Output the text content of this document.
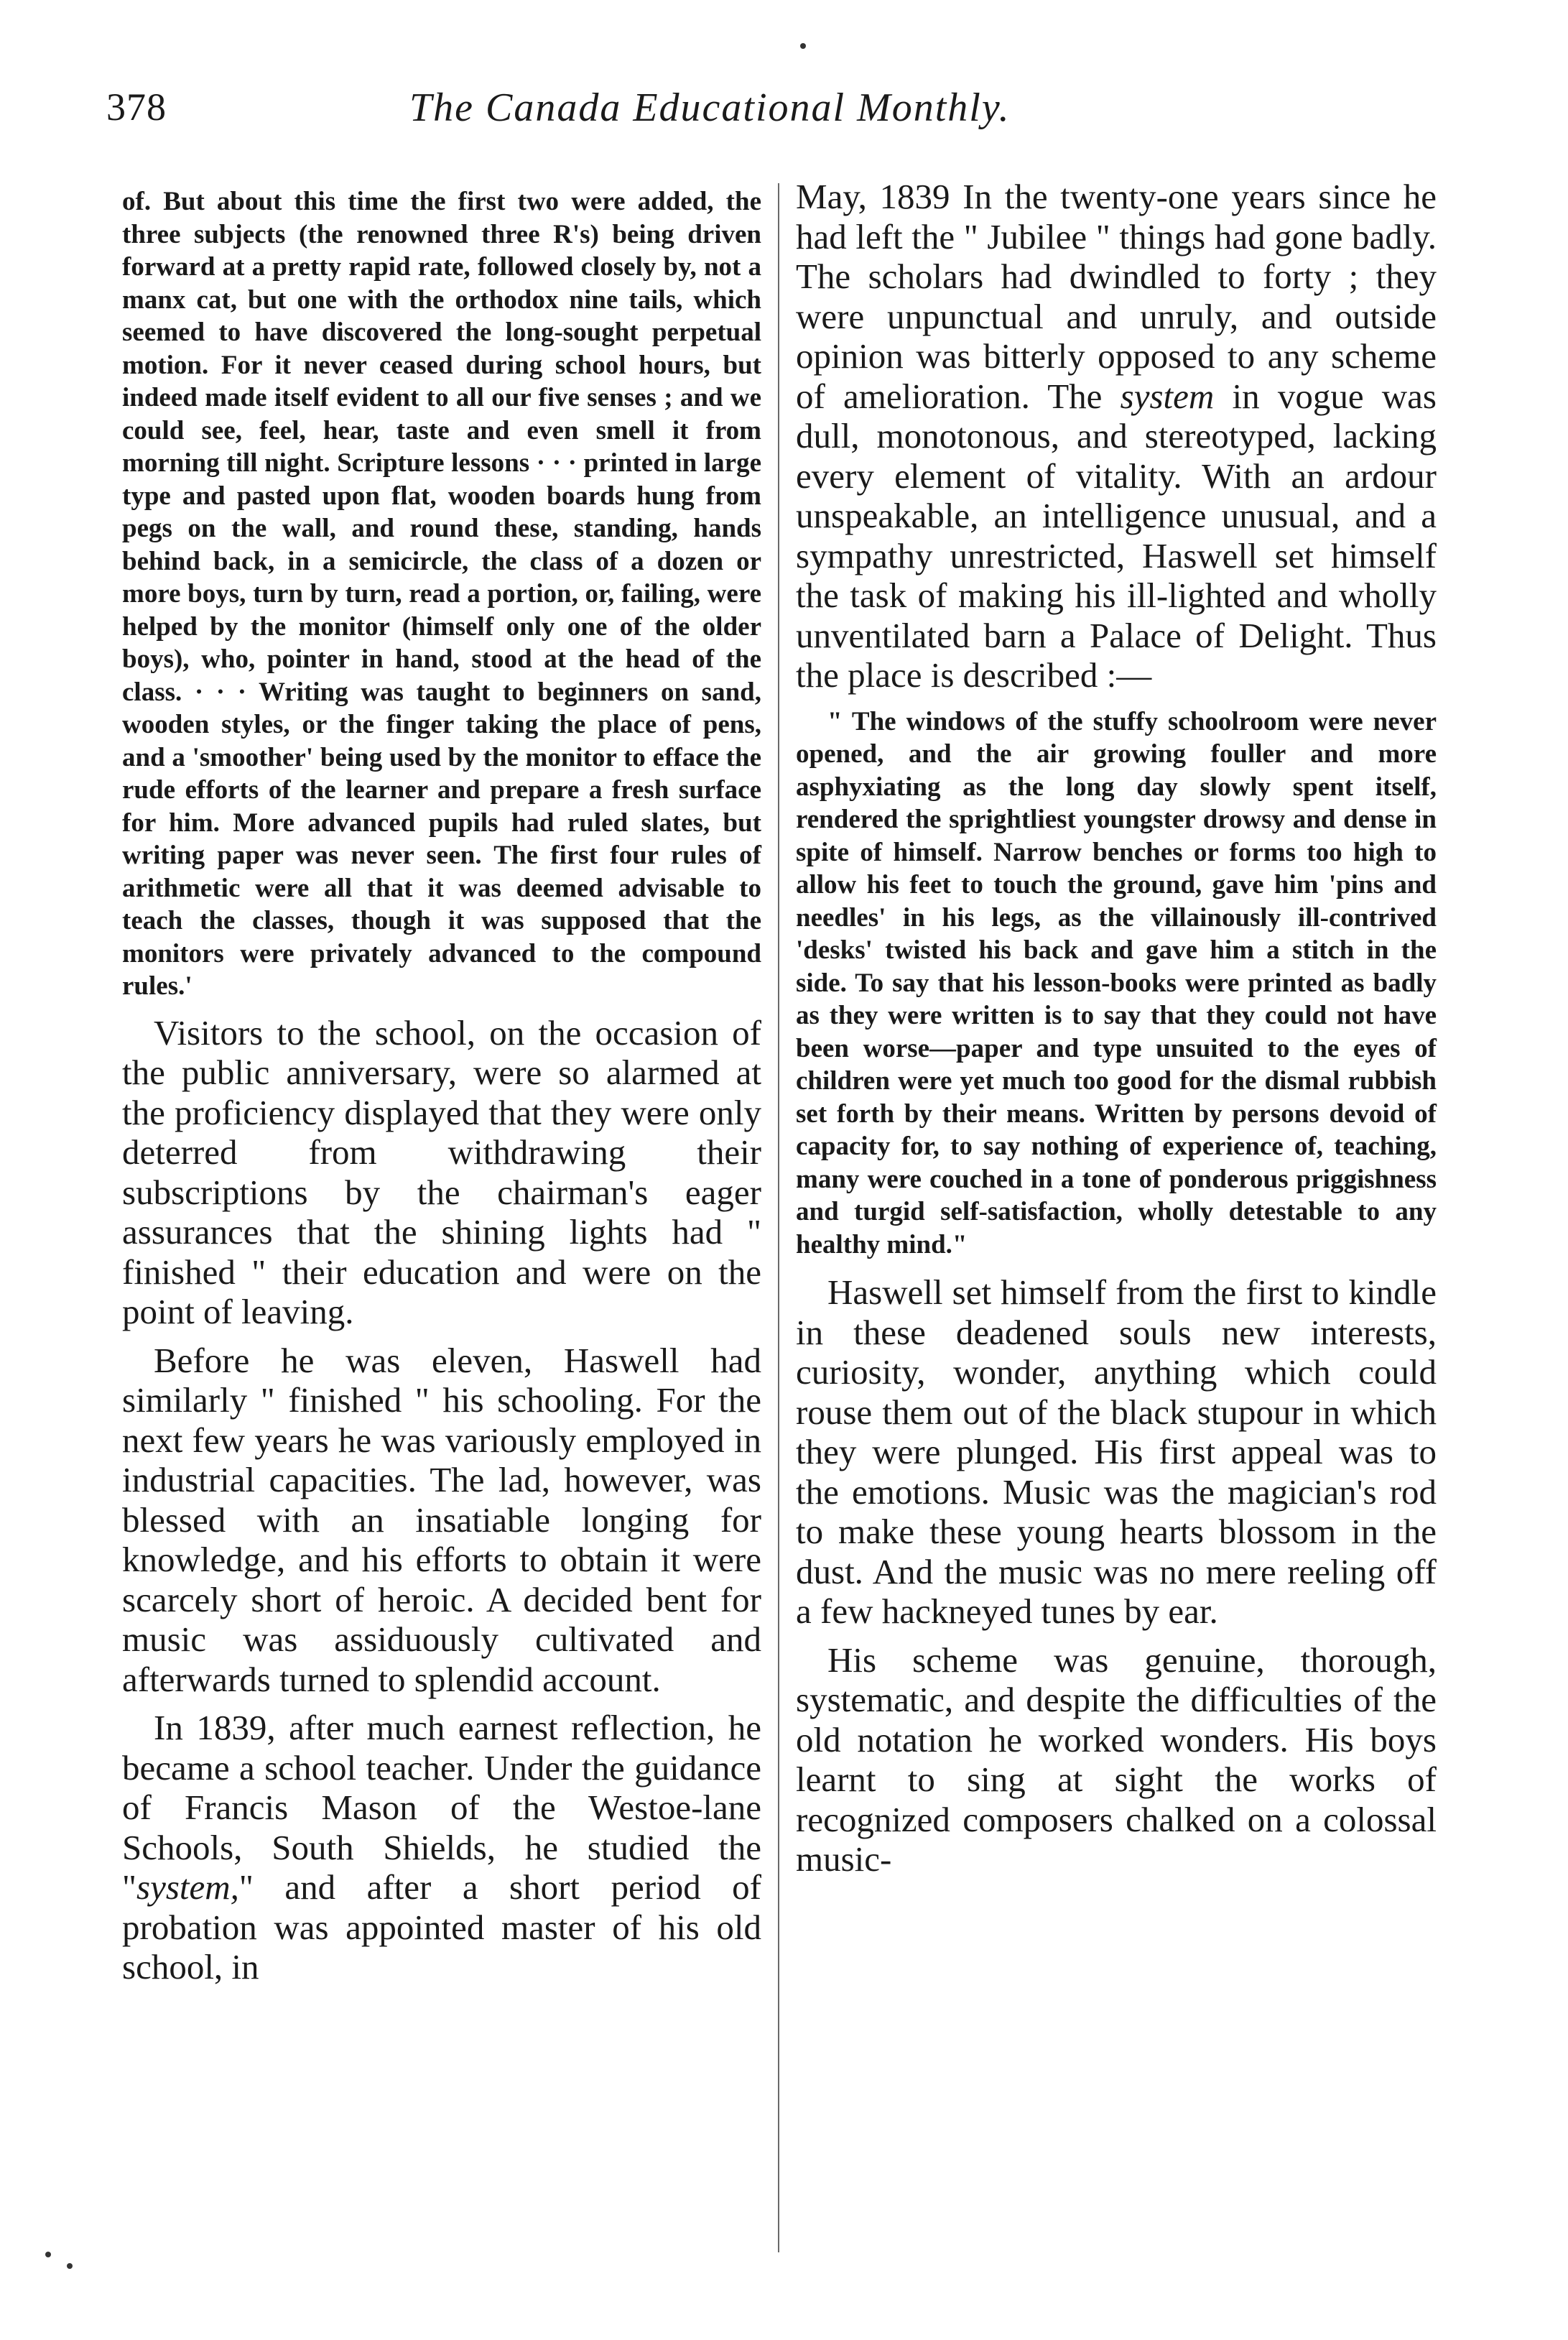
378	The Canada Educational Monthly.

of. But about this time the first two were added, the three subjects (the renowned three R's) being driven forward at a pretty rapid rate, followed closely by, not a manx cat, but one with the orthodox nine tails, which seemed to have discovered the long-sought perpetual motion. For it never ceased during school hours, but indeed made itself evident to all our five senses ; and we could see, feel, hear, taste and even smell it from morning till night. Scripture lessons · · · printed in large type and pasted upon flat, wooden boards hung from pegs on the wall, and round these, standing, hands behind back, in a semicircle, the class of a dozen or more boys, turn by turn, read a portion, or, failing, were helped by the monitor (himself only one of the older boys), who, pointer in hand, stood at the head of the class. · · · Writing was taught to beginners on sand, wooden styles, or the finger taking the place of pens, and a 'smoother' being used by the monitor to efface the rude efforts of the learner and prepare a fresh surface for him. More advanced pupils had ruled slates, but writing paper was never seen. The first four rules of arithmetic were all that it was deemed advisable to teach the classes, though it was supposed that the monitors were privately advanced to the compound rules.'

Visitors to the school, on the occasion of the public anniversary, were so alarmed at the proficiency displayed that they were only deterred from withdrawing their subscriptions by the chairman's eager assurances that the shining lights had " finished " their education and were on the point of leaving.

Before he was eleven, Haswell had similarly " finished " his schooling. For the next few years he was variously employed in industrial capacities. The lad, however, was blessed with an insatiable longing for knowledge, and his efforts to obtain it were scarcely short of heroic. A decided bent for music was assiduously cultivated and afterwards turned to splendid account.

In 1839, after much earnest reflection, he became a school teacher. Under the guidance of Francis Mason of the Westoe-lane Schools, South Shields, he studied the "system," and after a short period of probation was appointed master of his old school, in

May, 1839 In the twenty-one years since he had left the " Jubilee " things had gone badly. The scholars had dwindled to forty ; they were unpunctual and unruly, and outside opinion was bitterly opposed to any scheme of amelioration. The system in vogue was dull, monotonous, and stereotyped, lacking every element of vitality. With an ardour unspeakable, an intelligence unusual, and a sympathy unrestricted, Haswell set himself the task of making his ill-lighted and wholly unventilated barn a Palace of Delight. Thus the place is described :—

" The windows of the stuffy schoolroom were never opened, and the air growing fouller and more asphyxiating as the long day slowly spent itself, rendered the sprightliest youngster drowsy and dense in spite of himself. Narrow benches or forms too high to allow his feet to touch the ground, gave him 'pins and needles' in his legs, as the villainously ill-contrived 'desks' twisted his back and gave him a stitch in the side. To say that his lesson-books were printed as badly as they were written is to say that they could not have been worse—paper and type unsuited to the eyes of children were yet much too good for the dismal rubbish set forth by their means. Written by persons devoid of capacity for, to say nothing of experience of, teaching, many were couched in a tone of ponderous priggishness and turgid self-satisfaction, wholly detestable to any healthy mind."

Haswell set himself from the first to kindle in these deadened souls new interests, curiosity, wonder, anything which could rouse them out of the black stupour in which they were plunged. His first appeal was to the emotions. Music was the magician's rod to make these young hearts blossom in the dust. And the music was no mere reeling off a few hackneyed tunes by ear.

His scheme was genuine, thorough, systematic, and despite the difficulties of the old notation he worked wonders. His boys learnt to sing at sight the works of recognized composers chalked on a colossal music-
